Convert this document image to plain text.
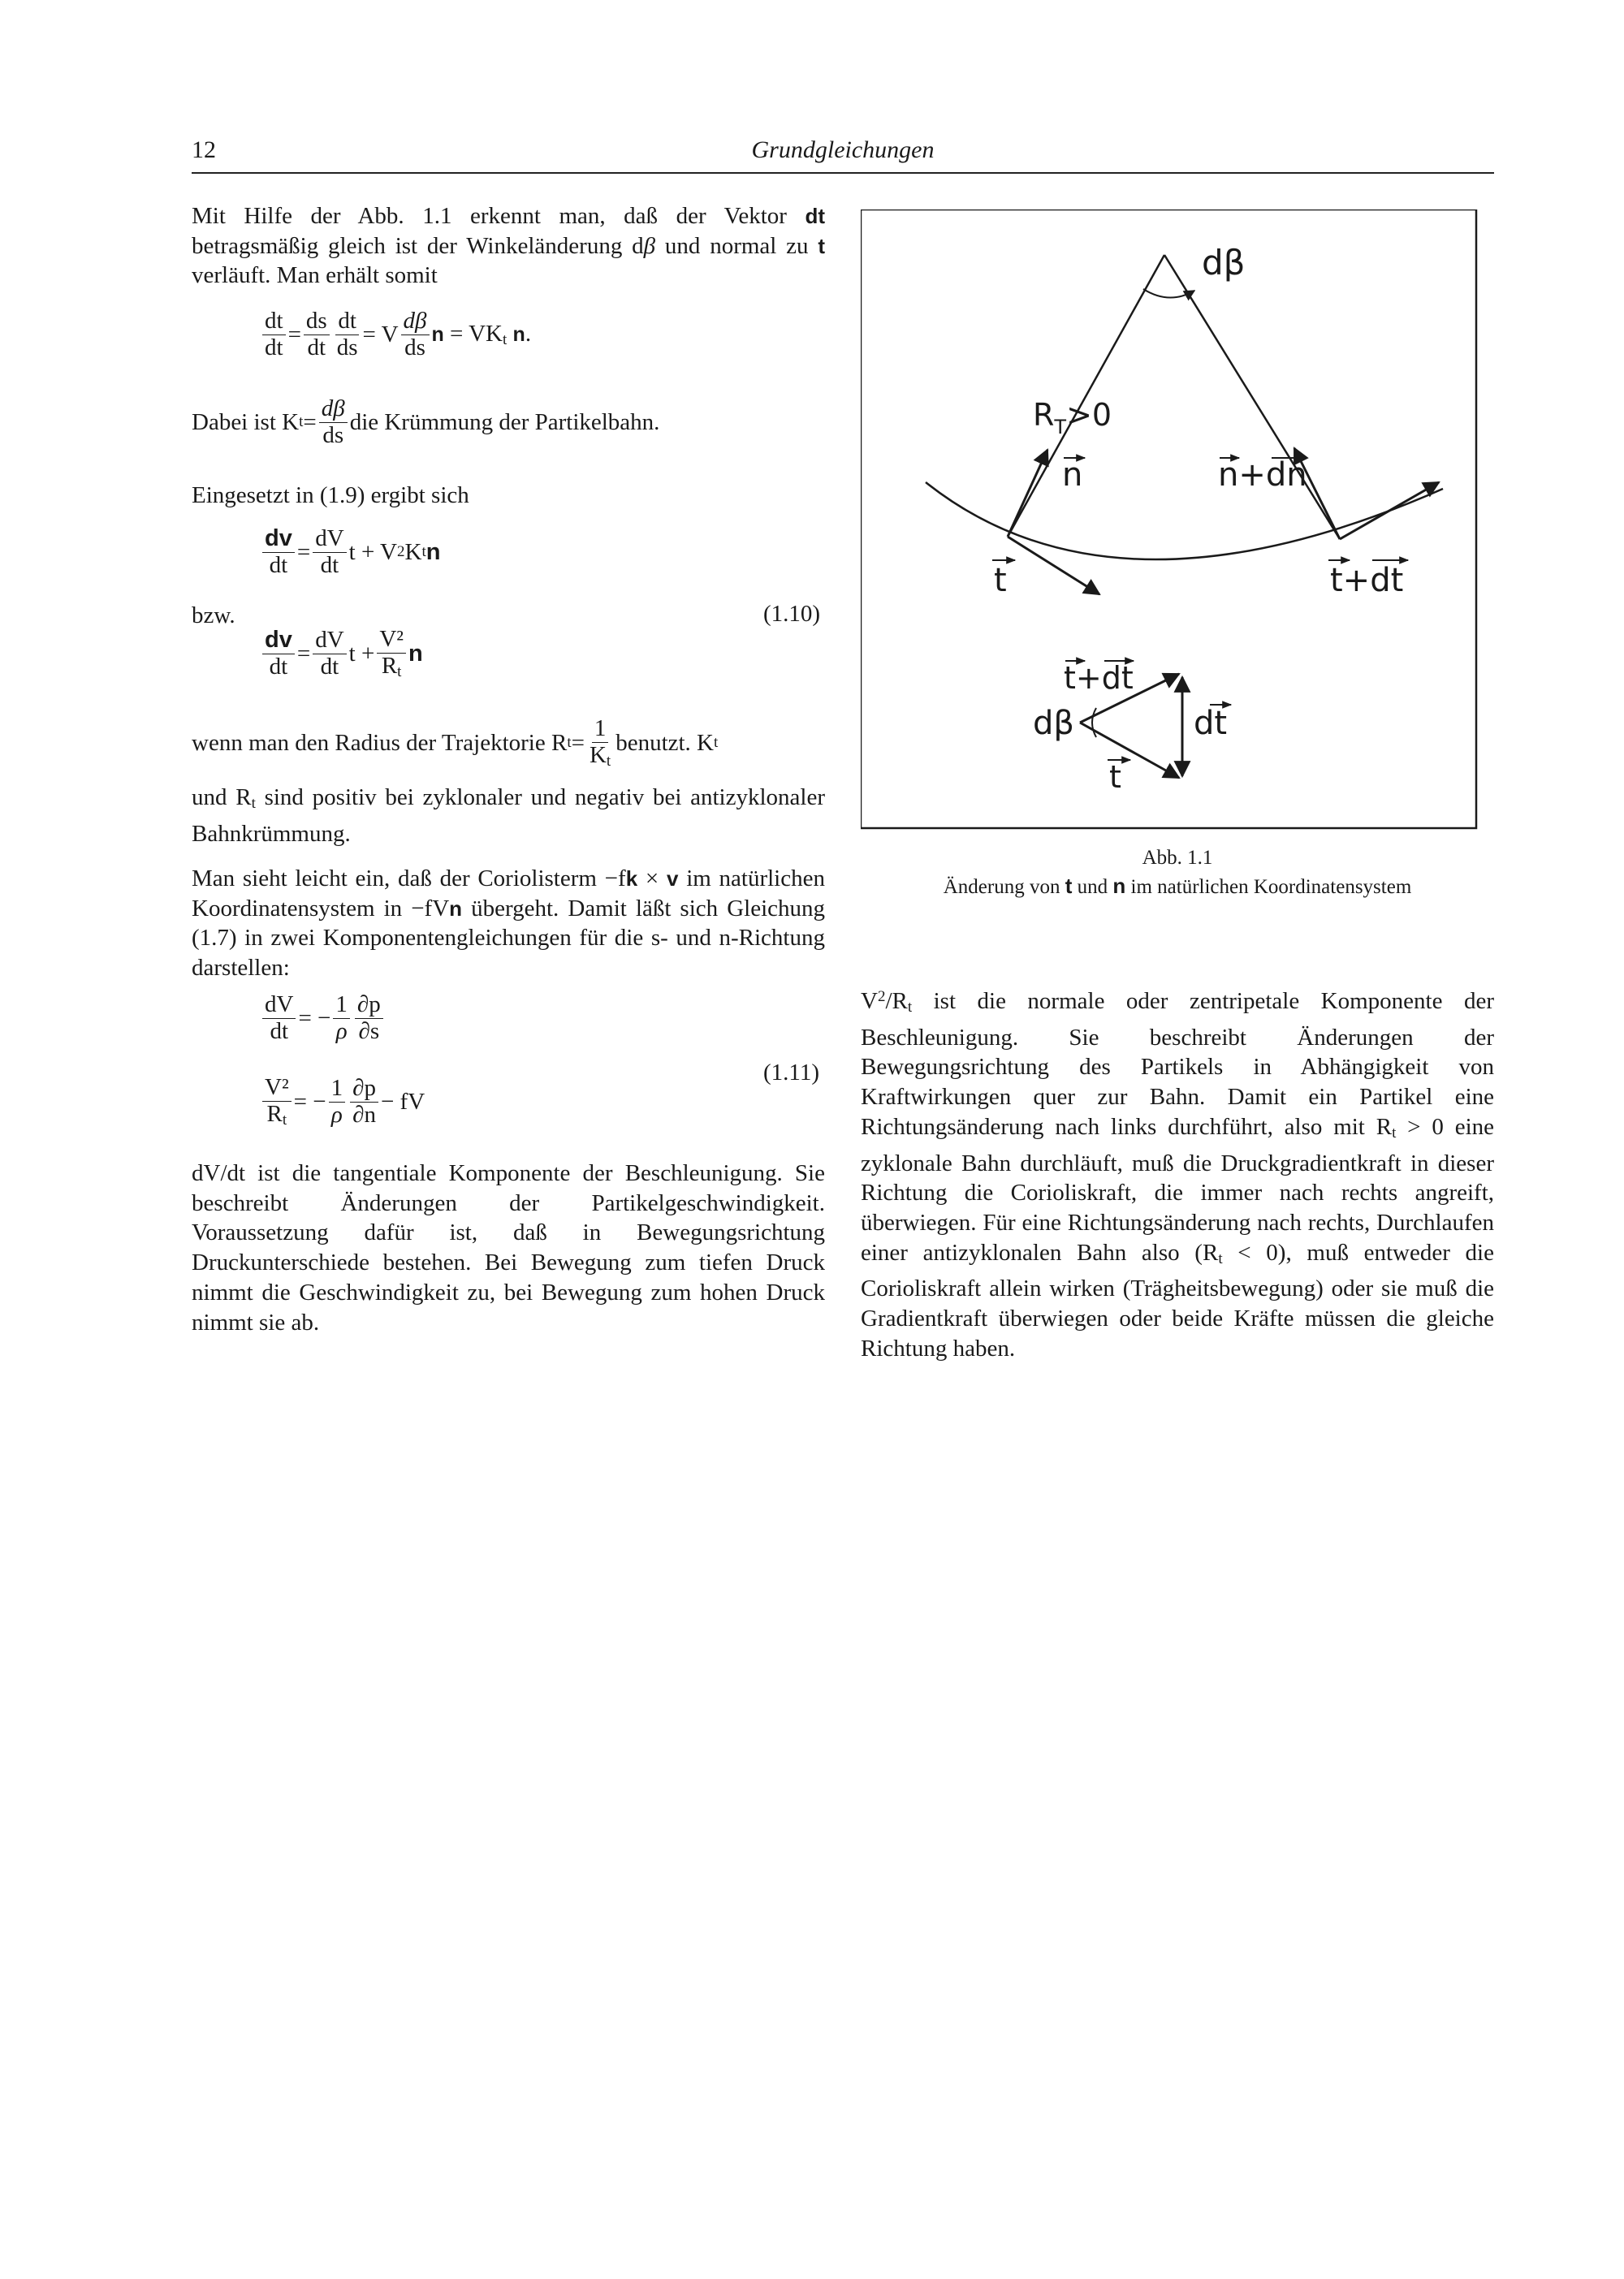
12	Grundgleichungen

Mit Hilfe der Abb. 1.1 erkennt man, daß der Vektor dt betragsmäßig gleich ist der Winkeländerung dβ und normal zu t verläuft. Man erhält somit

$\frac{dt}{dt} = \frac{ds}{dt} \frac{dt}{ds} = V \frac{d\beta}{ds}$ $n = VK_t$ n.
Dabei ist K $t = \frac{d\beta}{ds}$ die Krümmung der Partikelbahn.
Eingesetzt in (1.9) ergibt sich
$\frac{dv}{dt} = \frac{dV}{dt}$ t + V 2 K t n
bzw.	(1.10)
$\frac{dv}{dt} = \frac{dV}{dt}$ $t + \frac{\text{V²}}{R_t}$ n
wenn man den Radius der Trajektorie R $t = \frac{1}{K_t}$ benutzt. K t

und $R_t$ sind positiv bei zyklonaler und negativ bei antizyklonaler Bahnkrümmung.

Man sieht leicht ein, daß der Coriolisterm −fk × v im natürlichen Koordinatensystem in −fVn übergeht. Damit läßt sich Gleichung (1.7) in zwei Komponentengleichungen für die s- und n-Richtung darstellen:

$\frac{dV}{dt}$ = − $\frac{1}{\rho} \frac{\partial p}{\partial s}$
(1.11)
$\frac{\text{V²}}{R_t}$ = − $\frac{1}{\rho} \frac{\partial p}{\partial n}$ − fV

dV/dt ist die tangentiale Komponente der Beschleunigung. Sie beschreibt Änderungen der Partikelgeschwindigkeit. Voraussetzung dafür ist, daß in Bewegungsrichtung Druckunterschiede bestehen. Bei Bewegung zum tiefen Druck nimmt die Geschwindigkeit zu, bei Bewegung zum hohen Druck nimmt sie ab.

dβ
$R_T>0$
n	n+dn
t	t+dt
t+dt
dβ	dt
t
Abb. 1.1
Änderung von t und n im natürlichen Koordinatensystem

$V^2/R_t$ ist die normale oder zentripetale Komponente der Beschleunigung. Sie beschreibt Änderungen der Bewegungsrichtung des Partikels in Abhängigkeit von Kraftwirkungen quer zur Bahn. Damit ein Partikel eine Richtungsänderung nach links durchführt, also mit $R_t > 0$ eine zyklonale Bahn durchläuft, muß die Druckgradientkraft in dieser Richtung die Corioliskraft, die immer nach rechts angreift, überwiegen. Für eine Richtungsänderung nach rechts, Durchlaufen einer antizyklonalen Bahn also $(R_t < 0)$, muß entweder die Corioliskraft allein wirken (Trägheitsbewegung) oder sie muß die Gradientkraft überwiegen oder beide Kräfte müssen die gleiche Richtung haben.
